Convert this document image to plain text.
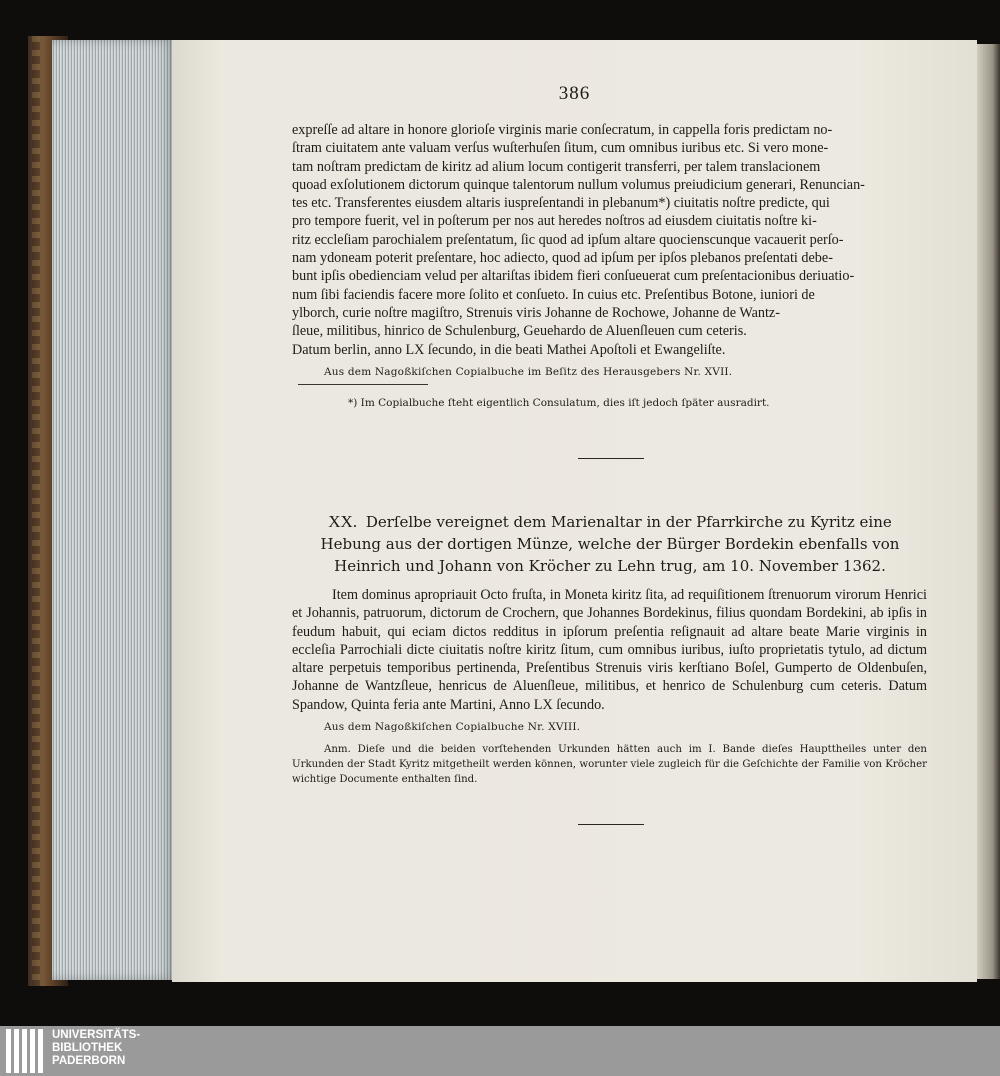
386

expreſſe ad altare in honore glorioſe virginis marie conſecratum, in cappella foris predictam no-

ſtram ciuitatem ante valuam verſus wuſterhuſen ſitum, cum omnibus iuribus etc. Si vero mone-

tam noſtram predictam de kiritz ad alium locum contigerit transferri, per talem translacionem

quoad exſolutionem dictorum quinque talentorum nullum volumus preiudicium generari, Renuncian-

tes etc. Transferentes eiusdem altaris iuspreſentandi in plebanum*) ciuitatis noſtre predicte, qui

pro tempore fuerit, vel in poſterum per nos aut heredes noſtros ad eiusdem ciuitatis noſtre ki-

ritz eccleſiam parochialem preſentatum, ſic quod ad ipſum altare quocienscunque vacauerit perſo-

nam ydoneam poterit preſentare, hoc adiecto, quod ad ipſum per ipſos plebanos preſentati debe-

bunt ipſis obedienciam velud per altariſtas ibidem fieri conſueuerat cum preſentacionibus deriuatio-

num ſibi faciendis facere more ſolito et conſueto. In cuius etc. Preſentibus Botone, iuniori de

ylborch, curie noſtre magiſtro, Strenuis viris Johanne de Rochowe, Johanne de Wantz-

ſleue, militibus, hinrico de Schulenburg, Geuehardo de Aluenſleuen cum ceteris.

Datum berlin, anno LX ſecundo, in die beati Mathei Apoſtoli et Ewangeliſte.

Aus dem Nagoßkiſchen Copialbuche im Beſitz des Herausgebers Nr. XVII.
*) Im Copialbuche ſteht eigentlich Consulatum, dies iſt jedoch ſpäter ausradirt.
XX. Derſelbe vereignet dem Marienaltar in der Pfarrkirche zu Kyritz eine Hebung aus der dortigen Münze, welche der Bürger Bordekin ebenfalls von Heinrich und Johann von Kröcher zu Lehn trug, am 10. November 1362.

Item dominus apropriauit Octo fruſta, in Moneta kiritz ſita, ad requiſitionem ſtrenuorum virorum Henrici et Johannis, patruorum, dictorum de Crochern, que Johannes Bordekinus, filius quondam Bordekini, ab ipſis in feudum habuit, qui eciam dictos redditus in ipſorum preſentia reſignauit ad altare beate Marie virginis in eccleſia Parrochiali dicte ciuitatis noſtre kiritz ſitum, cum omnibus iuribus, iuſto proprietatis tytulo, ad dictum altare perpetuis temporibus pertinenda, Preſentibus Strenuis viris kerſtiano Boſel, Gumperto de Oldenbuſen, Johanne de Wantzſleue, henricus de Aluenſleue, militibus, et henrico de Schulenburg cum ceteris. Datum Spandow, Quinta feria ante Martini, Anno LX ſecundo.

Aus dem Nagoßkiſchen Copialbuche Nr. XVIII.
Anm. Dieſe und die beiden vorſtehenden Urkunden hätten auch im I. Bande dieſes Haupttheiles unter den Urkunden der Stadt Kyritz mitgetheilt werden können, worunter viele zugleich für die Geſchichte der Familie von Kröcher wichtige Documente enthalten ſind.
UNIVERSITÄTS-
BIBLIOTHEK
PADERBORN
